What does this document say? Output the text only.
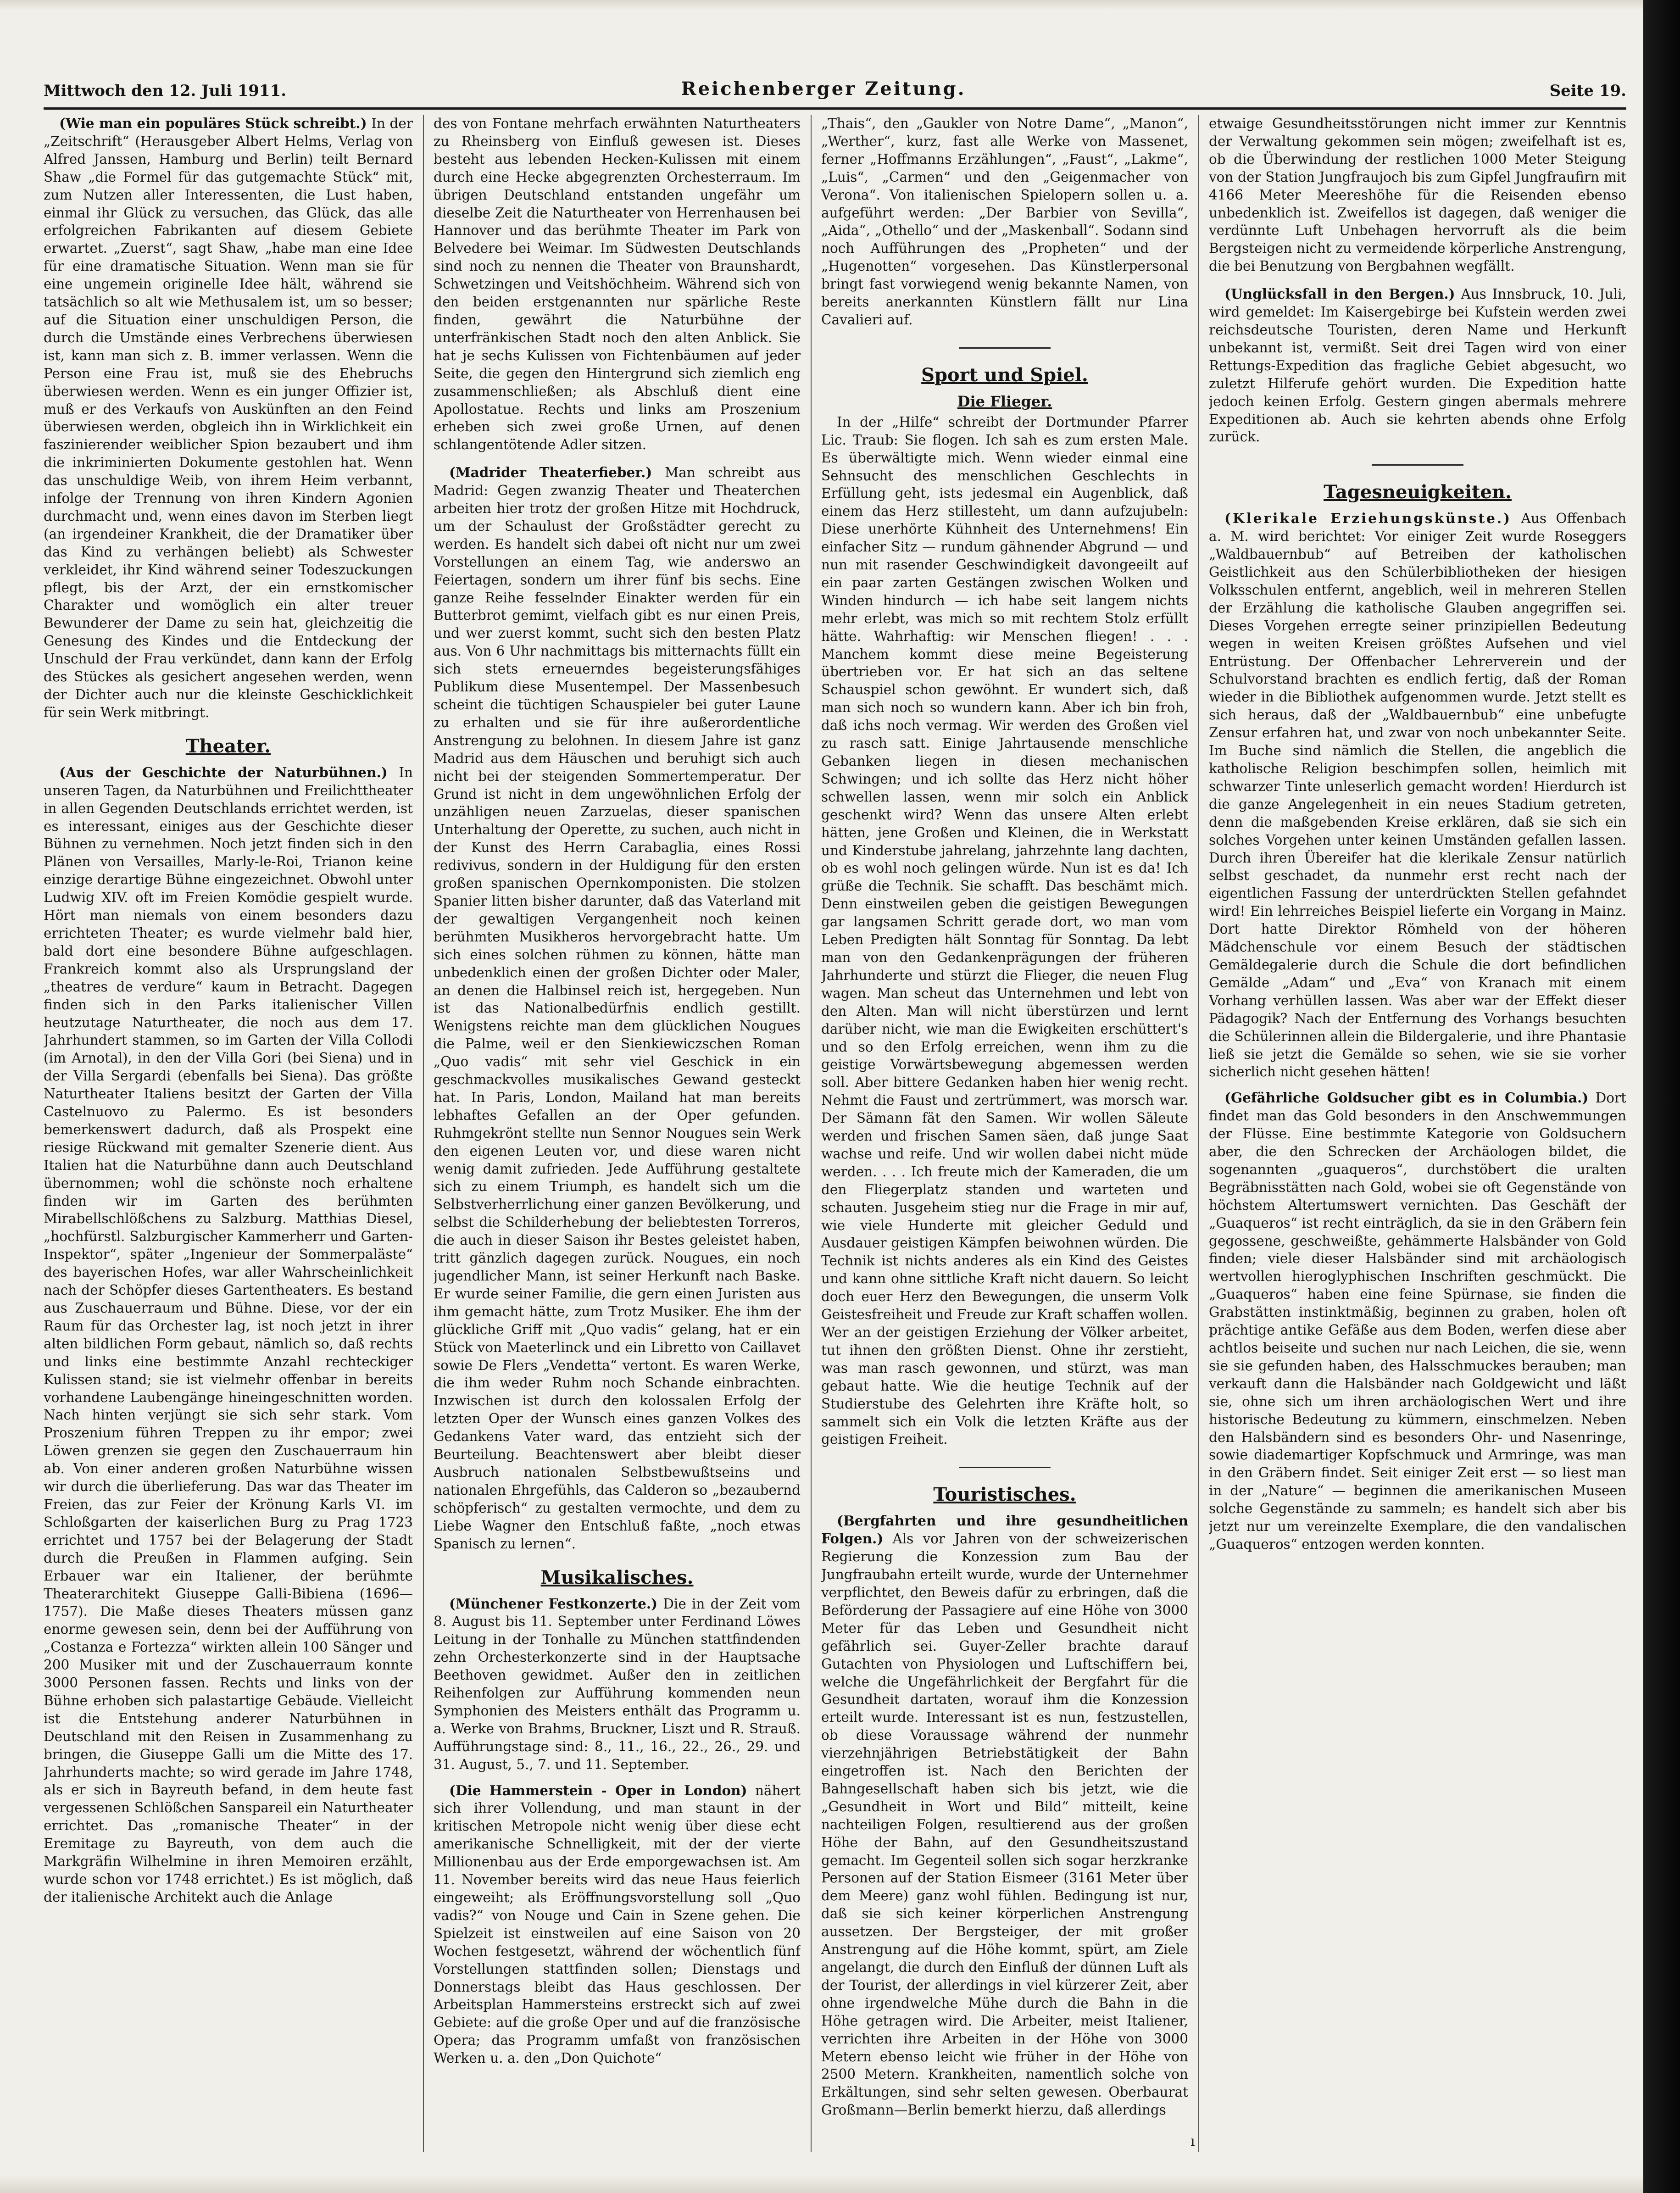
Mittwoch den 12. Juli 1911.	Reichenberger Zeitung.	Seite 19.

(Wie man ein populäres Stück schreibt.) In der „Zeitschrift“ (Herausgeber Albert Helms, Verlag von Alfred Janssen, Hamburg und Berlin) teilt Bernard Shaw „die Formel für das gutgemachte Stück“ mit, zum Nutzen aller Interessenten, die Lust haben, einmal ihr Glück zu versuchen, das Glück, das alle erfolgreichen Fabrikanten auf diesem Gebiete erwartet. „Zuerst“, sagt Shaw, „habe man eine Idee für eine dramatische Situation. Wenn man sie für eine ungemein originelle Idee hält, während sie tatsächlich so alt wie Methusalem ist, um so besser; auf die Situation einer unschuldigen Person, die durch die Umstände eines Verbrechens überwiesen ist, kann man sich z. B. immer verlassen. Wenn die Person eine Frau ist, muß sie des Ehebruchs überwiesen werden. Wenn es ein junger Offizier ist, muß er des Verkaufs von Auskünften an den Feind überwiesen werden, obgleich ihn in Wirklichkeit ein faszinierender weiblicher Spion bezaubert und ihm die inkriminierten Dokumente gestohlen hat. Wenn das unschuldige Weib, von ihrem Heim verbannt, infolge der Trennung von ihren Kindern Agonien durchmacht und, wenn eines davon im Sterben liegt (an irgendeiner Krankheit, die der Dramatiker über das Kind zu verhängen beliebt) als Schwester verkleidet, ihr Kind während seiner Todeszuckungen pflegt, bis der Arzt, der ein ernstkomischer Charakter und womöglich ein alter treuer Bewunderer der Dame zu sein hat, gleichzeitig die Genesung des Kindes und die Entdeckung der Unschuld der Frau verkündet, dann kann der Erfolg des Stückes als gesichert angesehen werden, wenn der Dichter auch nur die kleinste Geschicklichkeit für sein Werk mitbringt.

Theater.

(Aus der Geschichte der Naturbühnen.) In unseren Tagen, da Naturbühnen und Freilichttheater in allen Gegenden Deutschlands errichtet werden, ist es interessant, einiges aus der Geschichte dieser Bühnen zu vernehmen. Noch jetzt finden sich in den Plänen von Versailles, Marly-le-Roi, Trianon keine einzige derartige Bühne eingezeichnet. Obwohl unter Ludwig XIV. oft im Freien Komödie gespielt wurde. Hört man niemals von einem besonders dazu errichteten Theater; es wurde vielmehr bald hier, bald dort eine besondere Bühne aufgeschlagen. Frankreich kommt also als Ursprungsland der „theatres de verdure“ kaum in Betracht. Dagegen finden sich in den Parks italienischer Villen heutzutage Naturtheater, die noch aus dem 17. Jahrhundert stammen, so im Garten der Villa Collodi (im Arnotal), in den der Villa Gori (bei Siena) und in der Villa Sergardi (ebenfalls bei Siena). Das größte Naturtheater Italiens besitzt der Garten der Villa Castelnuovo zu Palermo. Es ist besonders bemerkenswert dadurch, daß als Prospekt eine riesige Rückwand mit gemalter Szenerie dient. Aus Italien hat die Naturbühne dann auch Deutschland übernommen; wohl die schönste noch erhaltene finden wir im Garten des berühmten Mirabellschlößchens zu Salzburg. Matthias Diesel, „hochfürstl. Salzburgischer Kammerherr und Garten-Inspektor“, später „Ingenieur der Sommerpaläste“ des bayerischen Hofes, war aller Wahrscheinlichkeit nach der Schöpfer dieses Gartentheaters. Es bestand aus Zuschauerraum und Bühne. Diese, vor der ein Raum für das Orchester lag, ist noch jetzt in ihrer alten bildlichen Form gebaut, nämlich so, daß rechts und links eine bestimmte Anzahl rechteckiger Kulissen stand; sie ist vielmehr offenbar in bereits vorhandene Laubengänge hineingeschnitten worden. Nach hinten verjüngt sie sich sehr stark. Vom Proszenium führen Treppen zu ihr empor; zwei Löwen grenzen sie gegen den Zuschauerraum hin ab. Von einer anderen großen Naturbühne wissen wir durch die überlieferung. Das war das Theater im Freien, das zur Feier der Krönung Karls VI. im Schloßgarten der kaiserlichen Burg zu Prag 1723 errichtet und 1757 bei der Belagerung der Stadt durch die Preußen in Flammen aufging. Sein Erbauer war ein Italiener, der berühmte Theaterarchitekt Giuseppe Galli-Bibiena (1696—1757). Die Maße dieses Theaters müssen ganz enorme gewesen sein, denn bei der Aufführung von „Costanza e Fortezza“ wirkten allein 100 Sänger und 200 Musiker mit und der Zuschauerraum konnte 3000 Personen fassen. Rechts und links von der Bühne erhoben sich palastartige Gebäude. Vielleicht ist die Entstehung anderer Naturbühnen in Deutschland mit den Reisen in Zusammenhang zu bringen, die Giuseppe Galli um die Mitte des 17. Jahrhunderts machte; so wird gerade im Jahre 1748, als er sich in Bayreuth befand, in dem heute fast vergessenen Schlößchen Sanspareil ein Naturtheater errichtet. Das „romanische Theater“ in der Eremitage zu Bayreuth, von dem auch die Markgräfin Wilhelmine in ihren Memoiren erzählt, wurde schon vor 1748 errichtet.) Es ist möglich, daß der italienische Architekt auch die Anlage

des von Fontane mehrfach erwähnten Naturtheaters zu Rheinsberg von Einfluß gewesen ist. Dieses besteht aus lebenden Hecken-Kulissen mit einem durch eine Hecke abgegrenzten Orchesterraum. Im übrigen Deutschland entstanden ungefähr um dieselbe Zeit die Naturtheater von Herrenhausen bei Hannover und das berühmte Theater im Park von Belvedere bei Weimar. Im Südwesten Deutschlands sind noch zu nennen die Theater von Braunshardt, Schwetzingen und Veitshöchheim. Während sich von den beiden erstgenannten nur spärliche Reste finden, gewährt die Naturbühne der unterfränkischen Stadt noch den alten Anblick. Sie hat je sechs Kulissen von Fichtenbäumen auf jeder Seite, die gegen den Hintergrund sich ziemlich eng zusammenschließen; als Abschluß dient eine Apollostatue. Rechts und links am Proszenium erheben sich zwei große Urnen, auf denen schlangentötende Adler sitzen.

(Madrider Theaterfieber.) Man schreibt aus Madrid: Gegen zwanzig Theater und Theaterchen arbeiten hier trotz der großen Hitze mit Hochdruck, um der Schaulust der Großstädter gerecht zu werden. Es handelt sich dabei oft nicht nur um zwei Vorstellungen an einem Tag, wie anderswo an Feiertagen, sondern um ihrer fünf bis sechs. Eine ganze Reihe fesselnder Einakter werden für ein Butterbrot gemimt, vielfach gibt es nur einen Preis, und wer zuerst kommt, sucht sich den besten Platz aus. Von 6 Uhr nachmittags bis mitternachts füllt ein sich stets erneuerndes begeisterungsfähiges Publikum diese Musentempel. Der Massenbesuch scheint die tüchtigen Schauspieler bei guter Laune zu erhalten und sie für ihre außerordentliche Anstrengung zu belohnen. In diesem Jahre ist ganz Madrid aus dem Häuschen und beruhigt sich auch nicht bei der steigenden Sommertemperatur. Der Grund ist nicht in dem ungewöhnlichen Erfolg der unzähligen neuen Zarzuelas, dieser spanischen Unterhaltung der Operette, zu suchen, auch nicht in der Kunst des Herrn Carabaglia, eines Rossi redivivus, sondern in der Huldigung für den ersten großen spanischen Opernkomponisten. Die stolzen Spanier litten bisher darunter, daß das Vaterland mit der gewaltigen Vergangenheit noch keinen berühmten Musikheros hervorgebracht hatte. Um sich eines solchen rühmen zu können, hätte man unbedenklich einen der großen Dichter oder Maler, an denen die Halbinsel reich ist, hergegeben. Nun ist das Nationalbedürfnis endlich gestillt. Wenigstens reichte man dem glücklichen Nougues die Palme, weil er den Sienkiewiczschen Roman „Quo vadis“ mit sehr viel Geschick in ein geschmackvolles musikalisches Gewand gesteckt hat. In Paris, London, Mailand hat man bereits lebhaftes Gefallen an der Oper gefunden. Ruhmgekrönt stellte nun Sennor Nougues sein Werk den eigenen Leuten vor, und diese waren nicht wenig damit zufrieden. Jede Aufführung gestaltete sich zu einem Triumph, es handelt sich um die Selbstverherrlichung einer ganzen Bevölkerung, und selbst die Schilderhebung der beliebtesten Torreros, die auch in dieser Saison ihr Bestes geleistet haben, tritt gänzlich dagegen zurück. Nougues, ein noch jugendlicher Mann, ist seiner Herkunft nach Baske. Er wurde seiner Familie, die gern einen Juristen aus ihm gemacht hätte, zum Trotz Musiker. Ehe ihm der glückliche Griff mit „Quo vadis“ gelang, hat er ein Stück von Maeterlinck und ein Libretto von Caillavet sowie De Flers „Vendetta“ vertont. Es waren Werke, die ihm weder Ruhm noch Schande einbrachten. Inzwischen ist durch den kolossalen Erfolg der letzten Oper der Wunsch eines ganzen Volkes des Gedankens Vater ward, das entzieht sich der Beurteilung. Beachtenswert aber bleibt dieser Ausbruch nationalen Selbstbewußtseins und nationalen Ehrgefühls, das Calderon so „bezaubernd schöpferisch“ zu gestalten vermochte, und dem zu Liebe Wagner den Entschluß faßte, „noch etwas Spanisch zu lernen“.

Musikalisches.

(Münchener Festkonzerte.) Die in der Zeit vom 8. August bis 11. September unter Ferdinand Löwes Leitung in der Tonhalle zu München stattfindenden zehn Orchesterkonzerte sind in der Hauptsache Beethoven gewidmet. Außer den in zeitlichen Reihenfolgen zur Aufführung kommenden neun Symphonien des Meisters enthält das Programm u. a. Werke von Brahms, Bruckner, Liszt und R. Strauß. Aufführungstage sind: 8., 11., 16., 22., 26., 29. und 31. August, 5., 7. und 11. September.

(Die Hammerstein - Oper in London) nähert sich ihrer Vollendung, und man staunt in der kritischen Metropole nicht wenig über diese echt amerikanische Schnelligkeit, mit der der vierte Millionenbau aus der Erde emporgewachsen ist. Am 11. November bereits wird das neue Haus feierlich eingeweiht; als Eröffnungsvorstellung soll „Quo vadis?“ von Nouge und Cain in Szene gehen. Die Spielzeit ist einstweilen auf eine Saison von 20 Wochen festgesetzt, während der wöchentlich fünf Vorstellungen stattfinden sollen; Dienstags und Donnerstags bleibt das Haus geschlossen. Der Arbeitsplan Hammersteins erstreckt sich auf zwei Gebiete: auf die große Oper und auf die französische Opera; das Programm umfaßt von französischen Werken u. a. den „Don Quichote“

„Thais“, den „Gaukler von Notre Dame“, „Manon“, „Werther“, kurz, fast alle Werke von Massenet, ferner „Hoffmanns Erzählungen“, „Faust“, „Lakme“, „Luis“, „Carmen“ und den „Geigenmacher von Verona“. Von italienischen Spielopern sollen u. a. aufgeführt werden: „Der Barbier von Sevilla“, „Aida“, „Othello“ und der „Maskenball“. Sodann sind noch Aufführungen des „Propheten“ und der „Hugenotten“ vorgesehen. Das Künstlerpersonal bringt fast vorwiegend wenig bekannte Namen, von bereits anerkannten Künstlern fällt nur Lina Cavalieri auf.

Sport und Spiel.
Die Flieger.

In der „Hilfe“ schreibt der Dortmunder Pfarrer Lic. Traub: Sie flogen. Ich sah es zum ersten Male. Es überwältigte mich. Wenn wieder einmal eine Sehnsucht des menschlichen Geschlechts in Erfüllung geht, ists jedesmal ein Augenblick, daß einem das Herz stillesteht, um dann aufzujubeln: Diese unerhörte Kühnheit des Unternehmens! Ein einfacher Sitz — rundum gähnender Abgrund — und nun mit rasender Geschwindigkeit davongeeilt auf ein paar zarten Gestängen zwischen Wolken und Winden hindurch — ich habe seit langem nichts mehr erlebt, was mich so mit rechtem Stolz erfüllt hätte. Wahrhaftig: wir Menschen fliegen! . . . Manchem kommt diese meine Begeisterung übertrieben vor. Er hat sich an das seltene Schauspiel schon gewöhnt. Er wundert sich, daß man sich noch so wundern kann. Aber ich bin froh, daß ichs noch vermag. Wir werden des Großen viel zu rasch satt. Einige Jahrtausende menschliche Gebanken liegen in diesen mechanischen Schwingen; und ich sollte das Herz nicht höher schwellen lassen, wenn mir solch ein Anblick geschenkt wird? Wenn das unsere Alten erlebt hätten, jene Großen und Kleinen, die in Werkstatt und Kinderstube jahrelang, jahrzehnte lang dachten, ob es wohl noch gelingen würde. Nun ist es da! Ich grüße die Technik. Sie schafft. Das beschämt mich. Denn einstweilen geben die geistigen Bewegungen gar langsamen Schritt gerade dort, wo man vom Leben Predigten hält Sonntag für Sonntag. Da lebt man von den Gedankenprägungen der früheren Jahrhunderte und stürzt die Flieger, die neuen Flug wagen. Man scheut das Unternehmen und lebt von den Alten. Man will nicht überstürzen und lernt darüber nicht, wie man die Ewigkeiten erschüttert's und so den Erfolg erreichen, wenn ihm zu die geistige Vorwärtsbewegung abgemessen werden soll. Aber bittere Gedanken haben hier wenig recht. Nehmt die Faust und zertrümmert, was morsch war. Der Sämann fät den Samen. Wir wollen Säleute werden und frischen Samen säen, daß junge Saat wachse und reife. Und wir wollen dabei nicht müde werden. . . . Ich freute mich der Kameraden, die um den Fliegerplatz standen und warteten und schauten. Jusgeheim stieg nur die Frage in mir auf, wie viele Hunderte mit gleicher Geduld und Ausdauer geistigen Kämpfen beiwohnen würden. Die Technik ist nichts anderes als ein Kind des Geistes und kann ohne sittliche Kraft nicht dauern. So leicht doch euer Herz den Bewegungen, die unserm Volk Geistesfreiheit und Freude zur Kraft schaffen wollen. Wer an der geistigen Erziehung der Völker arbeitet, tut ihnen den größten Dienst. Ohne ihr zerstieht, was man rasch gewonnen, und stürzt, was man gebaut hatte. Wie die heutige Technik auf der Studierstube des Gelehrten ihre Kräfte holt, so sammelt sich ein Volk die letzten Kräfte aus der geistigen Freiheit.

Touristisches.

(Bergfahrten und ihre gesundheitlichen Folgen.) Als vor Jahren von der schweizerischen Regierung die Konzession zum Bau der Jungfraubahn erteilt wurde, wurde der Unternehmer verpflichtet, den Beweis dafür zu erbringen, daß die Beförderung der Passagiere auf eine Höhe von 3000 Meter für das Leben und Gesundheit nicht gefährlich sei. Guyer-Zeller brachte darauf Gutachten von Physiologen und Luftschiffern bei, welche die Ungefährlichkeit der Bergfahrt für die Gesundheit dartaten, worauf ihm die Konzession erteilt wurde. Interessant ist es nun, festzustellen, ob diese Voraussage während der nunmehr vierzehnjährigen Betriebstätigkeit der Bahn eingetroffen ist. Nach den Berichten der Bahngesellschaft haben sich bis jetzt, wie die „Gesundheit in Wort und Bild“ mitteilt, keine nachteiligen Folgen, resultierend aus der großen Höhe der Bahn, auf den Gesundheitszustand gemacht. Im Gegenteil sollen sich sogar herzkranke Personen auf der Station Eismeer (3161 Meter über dem Meere) ganz wohl fühlen. Bedingung ist nur, daß sie sich keiner körperlichen Anstrengung aussetzen. Der Bergsteiger, der mit großer Anstrengung auf die Höhe kommt, spürt, am Ziele angelangt, die durch den Einfluß der dünnen Luft als der Tourist, der allerdings in viel kürzerer Zeit, aber ohne irgendwelche Mühe durch die Bahn in die Höhe getragen wird. Die Arbeiter, meist Italiener, verrichten ihre Arbeiten in der Höhe von 3000 Metern ebenso leicht wie früher in der Höhe von 2500 Metern. Krankheiten, namentlich solche von Erkältungen, sind sehr selten gewesen. Oberbaurat Großmann—Berlin bemerkt hierzu, daß allerdings

etwaige Gesundheitsstörungen nicht immer zur Kenntnis der Verwaltung gekommen sein mögen; zweifelhaft ist es, ob die Überwindung der restlichen 1000 Meter Steigung von der Station Jungfraujoch bis zum Gipfel Jungfraufirn mit 4166 Meter Meereshöhe für die Reisenden ebenso unbedenklich ist. Zweifellos ist dagegen, daß weniger die verdünnte Luft Unbehagen hervorruft als die beim Bergsteigen nicht zu vermeidende körperliche Anstrengung, die bei Benutzung von Bergbahnen wegfällt.

(Unglücksfall in den Bergen.) Aus Innsbruck, 10. Juli, wird gemeldet: Im Kaisergebirge bei Kufstein werden zwei reichsdeutsche Touristen, deren Name und Herkunft unbekannt ist, vermißt. Seit drei Tagen wird von einer Rettungs-Expedition das fragliche Gebiet abgesucht, wo zuletzt Hilferufe gehört wurden. Die Expedition hatte jedoch keinen Erfolg. Gestern gingen abermals mehrere Expeditionen ab. Auch sie kehrten abends ohne Erfolg zurück.

Tagesneuigkeiten.

(Klerikale Erziehungskünste.) Aus Offenbach a. M. wird berichtet: Vor einiger Zeit wurde Roseggers „Waldbauernbub“ auf Betreiben der katholischen Geistlichkeit aus den Schülerbibliotheken der hiesigen Volksschulen entfernt, angeblich, weil in mehreren Stellen der Erzählung die katholische Glauben angegriffen sei. Dieses Vorgehen erregte seiner prinzipiellen Bedeutung wegen in weiten Kreisen größtes Aufsehen und viel Entrüstung. Der Offenbacher Lehrerverein und der Schulvorstand brachten es endlich fertig, daß der Roman wieder in die Bibliothek aufgenommen wurde. Jetzt stellt es sich heraus, daß der „Waldbauernbub“ eine unbefugte Zensur erfahren hat, und zwar von noch unbekannter Seite. Im Buche sind nämlich die Stellen, die angeblich die katholische Religion beschimpfen sollen, heimlich mit schwarzer Tinte unleserlich gemacht worden! Hierdurch ist die ganze Angelegenheit in ein neues Stadium getreten, denn die maßgebenden Kreise erklären, daß sie sich ein solches Vorgehen unter keinen Umständen gefallen lassen. Durch ihren Übereifer hat die klerikale Zensur natürlich selbst geschadet, da nunmehr erst recht nach der eigentlichen Fassung der unterdrückten Stellen gefahndet wird! Ein lehrreiches Beispiel lieferte ein Vorgang in Mainz. Dort hatte Direktor Römheld von der höheren Mädchenschule vor einem Besuch der städtischen Gemäldegalerie durch die Schule die dort befindlichen Gemälde „Adam“ und „Eva“ von Kranach mit einem Vorhang verhüllen lassen. Was aber war der Effekt dieser Pädagogik? Nach der Entfernung des Vorhangs besuchten die Schülerinnen allein die Bildergalerie, und ihre Phantasie ließ sie jetzt die Gemälde so sehen, wie sie sie vorher sicherlich nicht gesehen hätten!

(Gefährliche Goldsucher gibt es in Columbia.) Dort findet man das Gold besonders in den Anschwemmungen der Flüsse. Eine bestimmte Kategorie von Goldsuchern aber, die den Schrecken der Archäologen bildet, die sogenannten „guaqueros“, durchstöbert die uralten Begräbnisstätten nach Gold, wobei sie oft Gegenstände von höchstem Altertumswert vernichten. Das Geschäft der „Guaqueros“ ist recht einträglich, da sie in den Gräbern fein gegossene, geschweißte, gehämmerte Halsbänder von Gold finden; viele dieser Halsbänder sind mit archäologisch wertvollen hieroglyphischen Inschriften geschmückt. Die „Guaqueros“ haben eine feine Spürnase, sie finden die Grabstätten instinktmäßig, beginnen zu graben, holen oft prächtige antike Gefäße aus dem Boden, werfen diese aber achtlos beiseite und suchen nur nach Leichen, die sie, wenn sie sie gefunden haben, des Halsschmuckes berauben; man verkauft dann die Halsbänder nach Goldgewicht und läßt sie, ohne sich um ihren archäologischen Wert und ihre historische Bedeutung zu kümmern, einschmelzen. Neben den Halsbändern sind es besonders Ohr- und Nasenringe, sowie diademartiger Kopfschmuck und Armringe, was man in den Gräbern findet. Seit einiger Zeit erst — so liest man in der „Nature“ — beginnen die amerikanischen Museen solche Gegenstände zu sammeln; es handelt sich aber bis jetzt nur um vereinzelte Exemplare, die den vandalischen „Guaqueros“ entzogen werden konnten.

ı
